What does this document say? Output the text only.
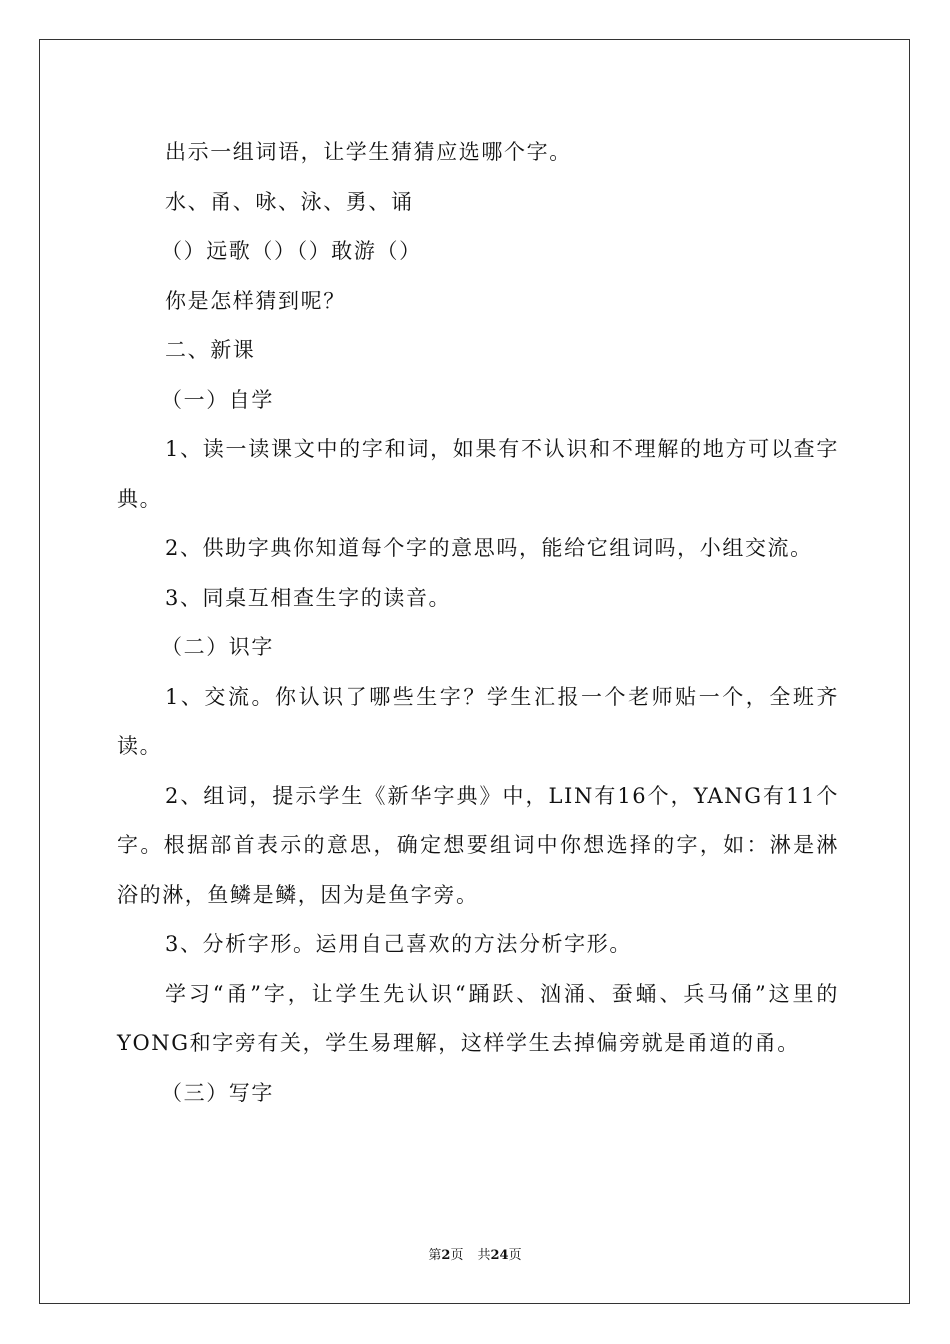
出示一组词语，让学生猜猜应选哪个字。

水、甬、咏、泳、勇、诵

（）远歌（）（）敢游（）

你是怎样猜到呢？

二、新课

（一）自学

1、读一读课文中的字和词，如果有不认识和不理解的地方可以查字典。

2、供助字典你知道每个字的意思吗，能给它组词吗，小组交流。

3、同桌互相查生字的读音。

（二）识字

1、交流。你认识了哪些生字？学生汇报一个老师贴一个，全班齐读。

2、组词，提示学生《新华字典》中，LIN有16个，YANG有11个字。根据部首表示的意思，确定想要组词中你想选择的字，如：淋是淋浴的淋，鱼鳞是鳞，因为是鱼字旁。

3、分析字形。运用自己喜欢的方法分析字形。

学习“甬”字，让学生先认识“踊跃、汹涌、蚕蛹、兵马俑”这里的YONG和字旁有关，学生易理解，这样学生去掉偏旁就是甬道的甬。

（三）写字

第2页 共24页
